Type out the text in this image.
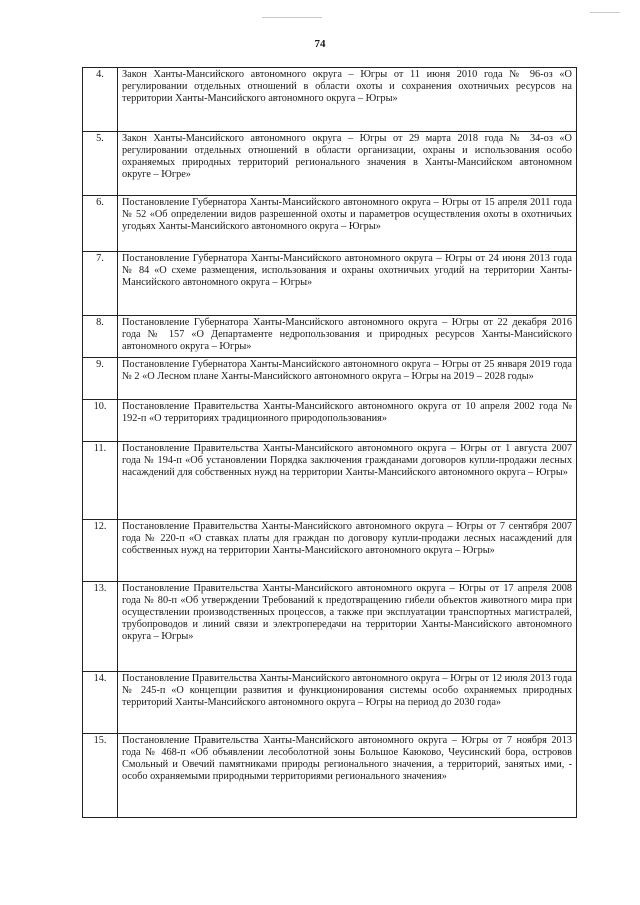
74
4.	Закон Ханты-Мансийского автономного округа – Югры от 11 июня 2010 года № 96-оз «О регулировании отдельных отношений в области охоты и сохранения охотничьих ресурсов на территории Ханты-Мансийского автономного округа – Югры»
5.	Закон Ханты-Мансийского автономного округа – Югры от 29 марта 2018 года № 34-оз «О регулировании отдельных отношений в области организации, охраны и использования особо охраняемых природных территорий регионального значения в Ханты-Мансийском автономном округе – Югре»
6.	Постановление Губернатора Ханты-Мансийского автономного округа – Югры от 15 апреля 2011 года № 52 «Об определении видов разрешенной охоты и параметров осуществления охоты в охотничьих угодьях Ханты-Мансийского автономного округа – Югры»
7.	Постановление Губернатора Ханты-Мансийского автономного округа – Югры от 24 июня 2013 года № 84 «О схеме размещения, использования и охраны охотничьих угодий на территории Ханты-Мансийского автономного округа – Югры»
8.	Постановление Губернатора Ханты-Мансийского автономного округа – Югры от 22 декабря 2016 года № 157 «О Департаменте недропользования и природных ресурсов Ханты-Мансийского автономного округа – Югры»
9.	Постановление Губернатора Ханты-Мансийского автономного округа – Югры от 25 января 2019 года № 2 «О Лесном плане Ханты-Мансийского автономного округа – Югры на 2019 – 2028 годы»
10.	Постановление Правительства Ханты-Мансийского автономного округа от 10 апреля 2002 года № 192-п «О территориях традиционного природопользования»
11.	Постановление Правительства Ханты-Мансийского автономного округа – Югры от 1 августа 2007 года № 194-п «Об установлении Порядка заключения гражданами договоров купли-продажи лесных насаждений для собственных нужд на территории Ханты-Мансийского автономного округа – Югры»
12.	Постановление Правительства Ханты-Мансийского автономного округа – Югры от 7 сентября 2007 года № 220-п «О ставках платы для граждан по договору купли-продажи лесных насаждений для собственных нужд на территории Ханты-Мансийского автономного округа – Югры»
13.	Постановление Правительства Ханты-Мансийского автономного округа – Югры от 17 апреля 2008 года № 80-п «Об утверждении Требований к предотвращению гибели объектов животного мира при осуществлении производственных процессов, а также при эксплуатации транспортных магистралей, трубопроводов и линий связи и электропередачи на территории Ханты-Мансийского автономного округа – Югры»
14.	Постановление Правительства Ханты-Мансийского автономного округа – Югры от 12 июля 2013 года № 245-п «О концепции развития и функционирования системы особо охраняемых природных территорий Ханты-Мансийского автономного округа – Югры на период до 2030 года»
15.	Постановление Правительства Ханты-Мансийского автономного округа – Югры от 7 ноября 2013 года № 468-п «Об объявлении лесоболотной зоны Большое Каюково, Чеусинский бора, островов Смольный и Овечий памятниками природы регионального значения, а территорий, занятых ими, - особо охраняемыми природными территориями регионального значения»
